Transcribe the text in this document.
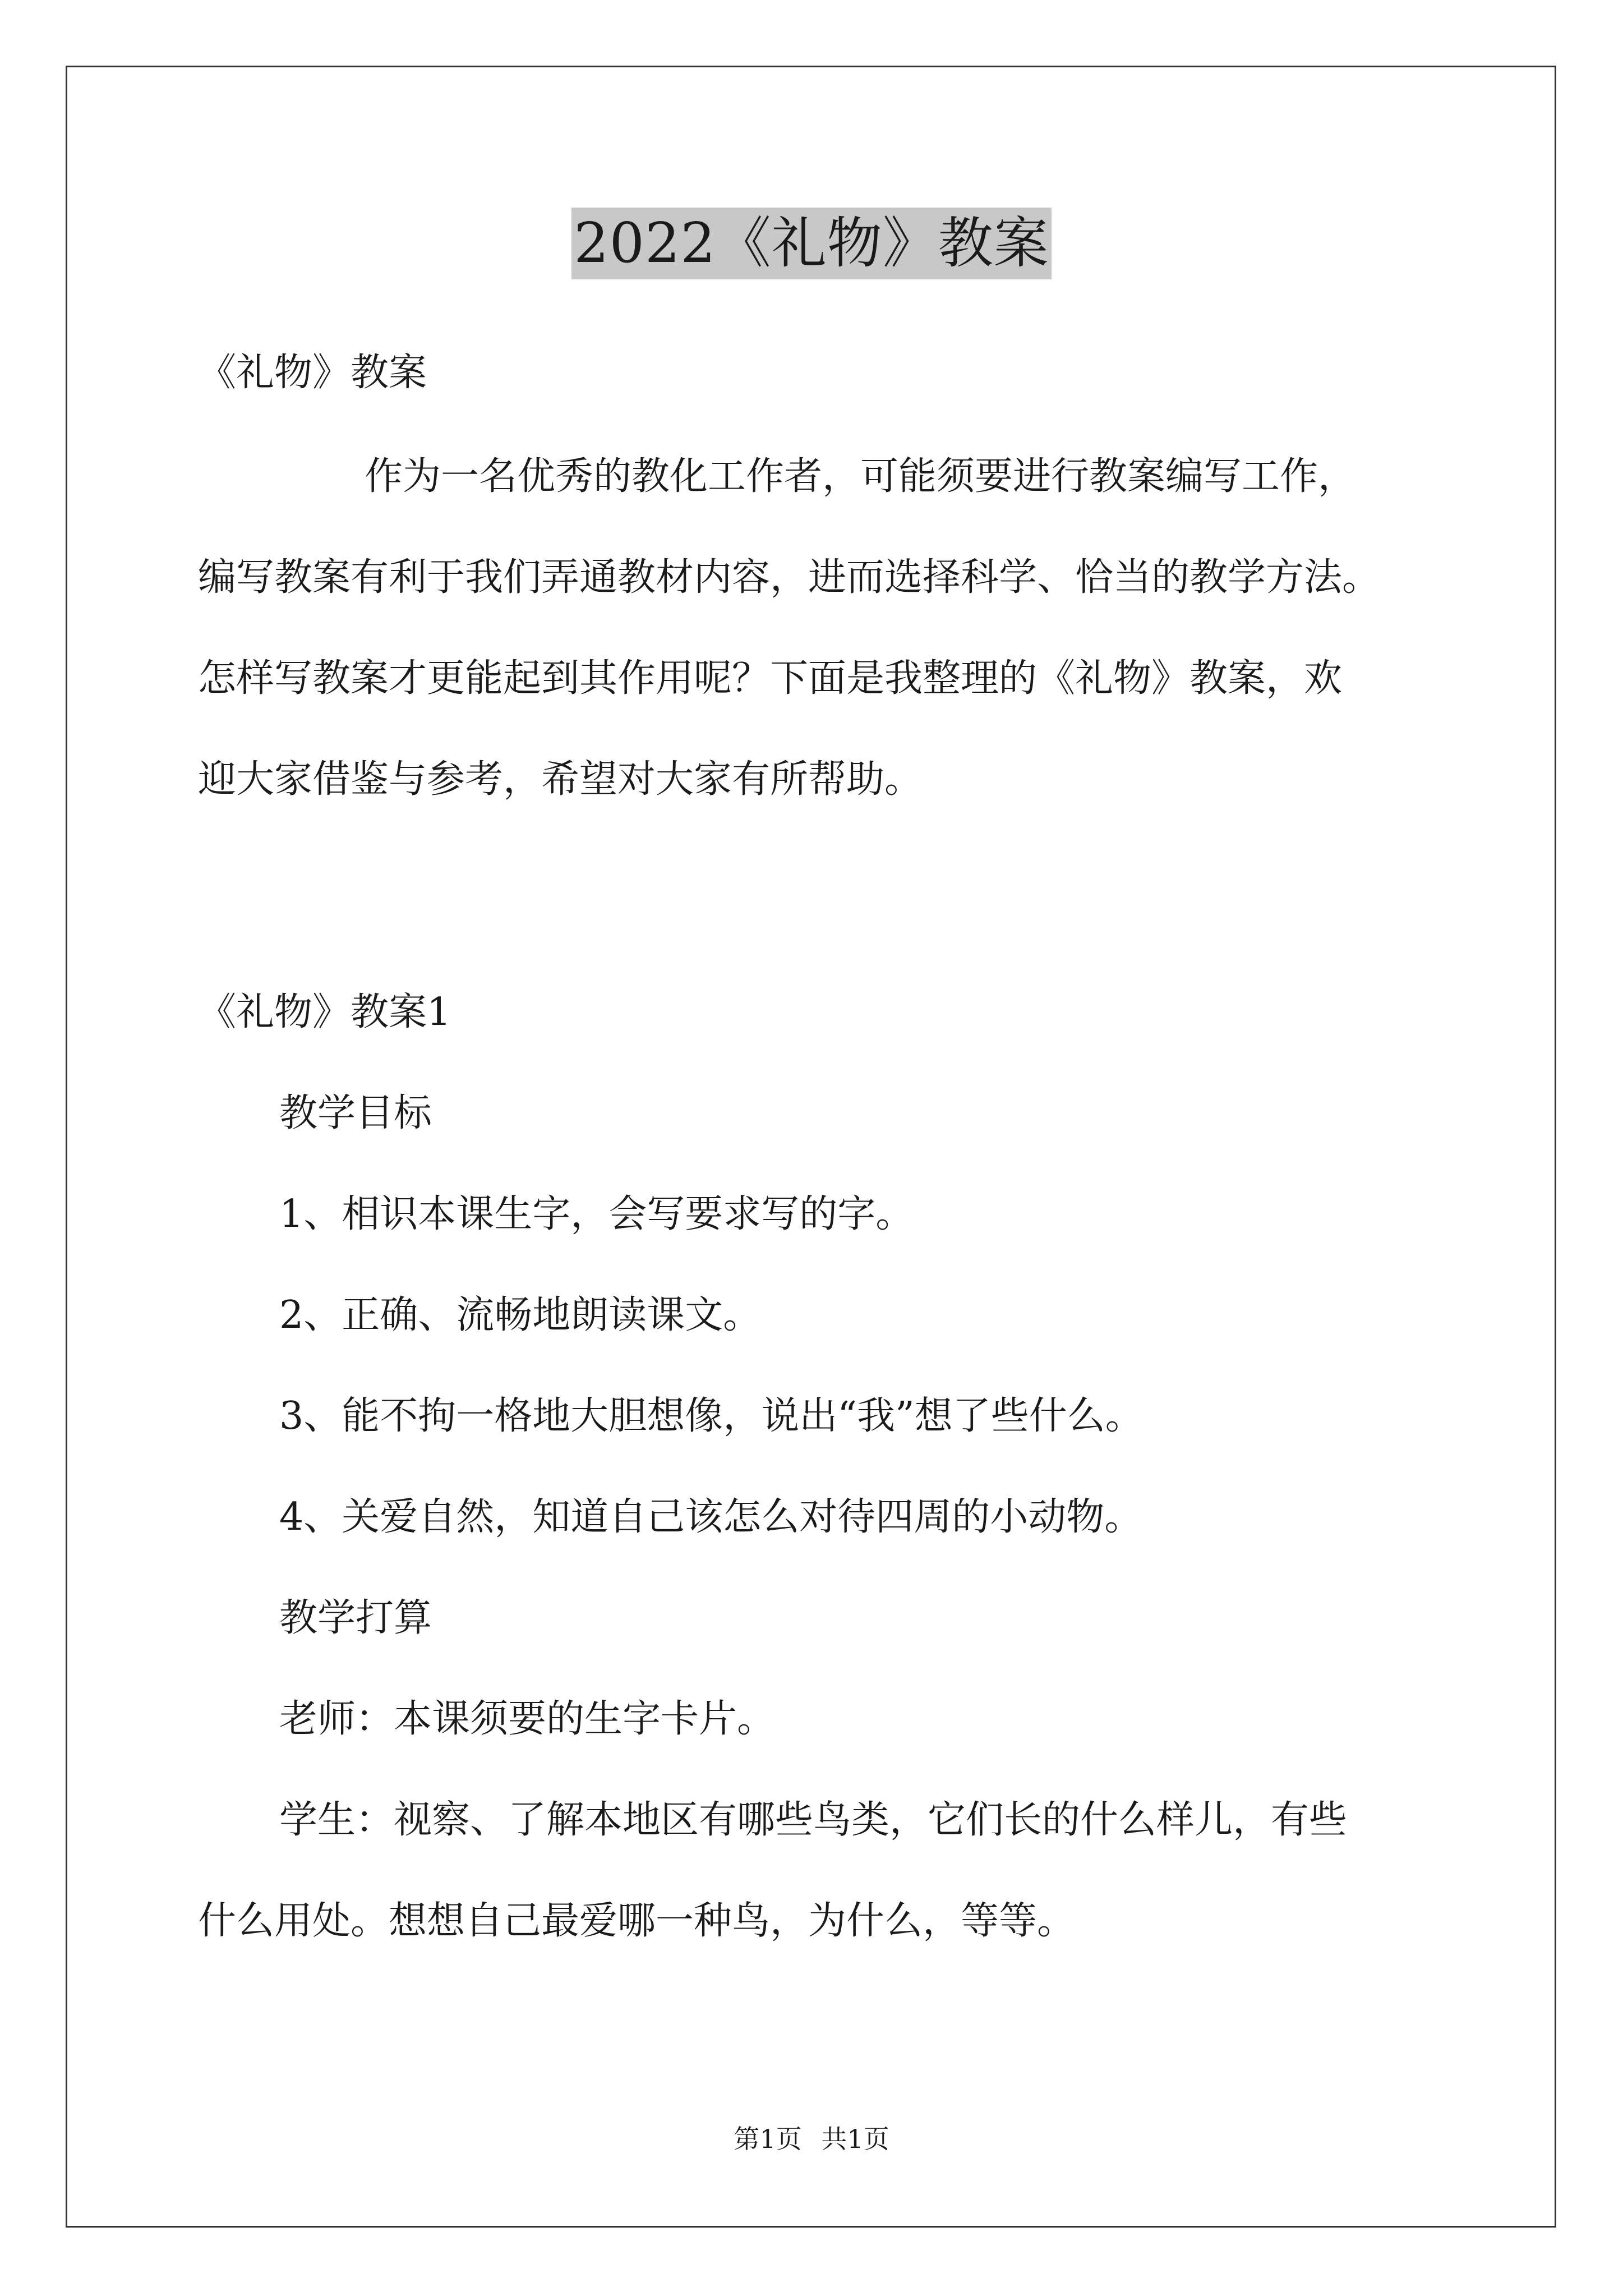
2022《礼物》教案
《礼物》教案
作为一名优秀的教化工作者，可能须要进行教案编写工作，
编写教案有利于我们弄通教材内容，进而选择科学、恰当的教学方法。
怎样写教案才更能起到其作用呢？下面是我整理的《礼物》教案，欢
迎大家借鉴与参考，希望对大家有所帮助。
《礼物》教案1
教学目标
1、相识本课生字，会写要求写的字。
2、正确、流畅地朗读课文。
3、能不拘一格地大胆想像，说出“我”想了些什么。
4、关爱自然，知道自己该怎么对待四周的小动物。
教学打算
老师：本课须要的生字卡片。
学生：视察、了解本地区有哪些鸟类，它们长的什么样儿，有些
什么用处。想想自己最爱哪一种鸟，为什么，等等。
第1页 共1页
